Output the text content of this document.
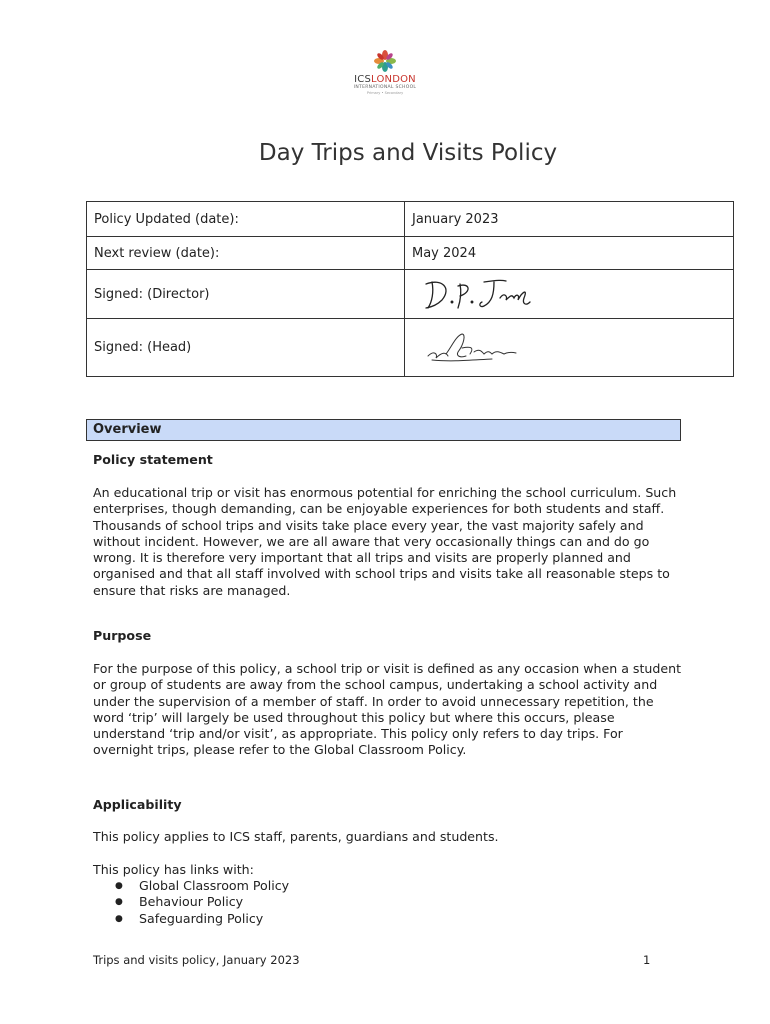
ICSLONDON
INTERNATIONAL SCHOOL
Primary • Secondary
Day Trips and Visits Policy
Policy Updated (date):	January 2023
Next review (date):	May 2024
Signed: (Director)	

Signed: (Head)	
Overview
Policy statement

An educational trip or visit has enormous potential for enriching the school curriculum. Such enterprises, though demanding, can be enjoyable experiences for both students and staff. Thousands of school trips and visits take place every year, the vast majority safely and without incident. However, we are all aware that very occasionally things can and do go wrong. It is therefore very important that all trips and visits are properly planned and organised and that all staff involved with school trips and visits take all reasonable steps to ensure that risks are managed.

Purpose

For the purpose of this policy, a school trip or visit is defined as any occasion when a student or group of students are away from the school campus, undertaking a school activity and under the supervision of a member of staff. In order to avoid unnecessary repetition, the word ‘trip’ will largely be used throughout this policy but where this occurs, please understand ‘trip and/or visit’, as appropriate. This policy only refers to day trips. For overnight trips, please refer to the Global Classroom Policy.

Applicability

This policy applies to ICS staff, parents, guardians and students.

This policy has links with:

● Global Classroom Policy
● Behaviour Policy
● Safeguarding Policy
Trips and visits policy, January 2023	1
